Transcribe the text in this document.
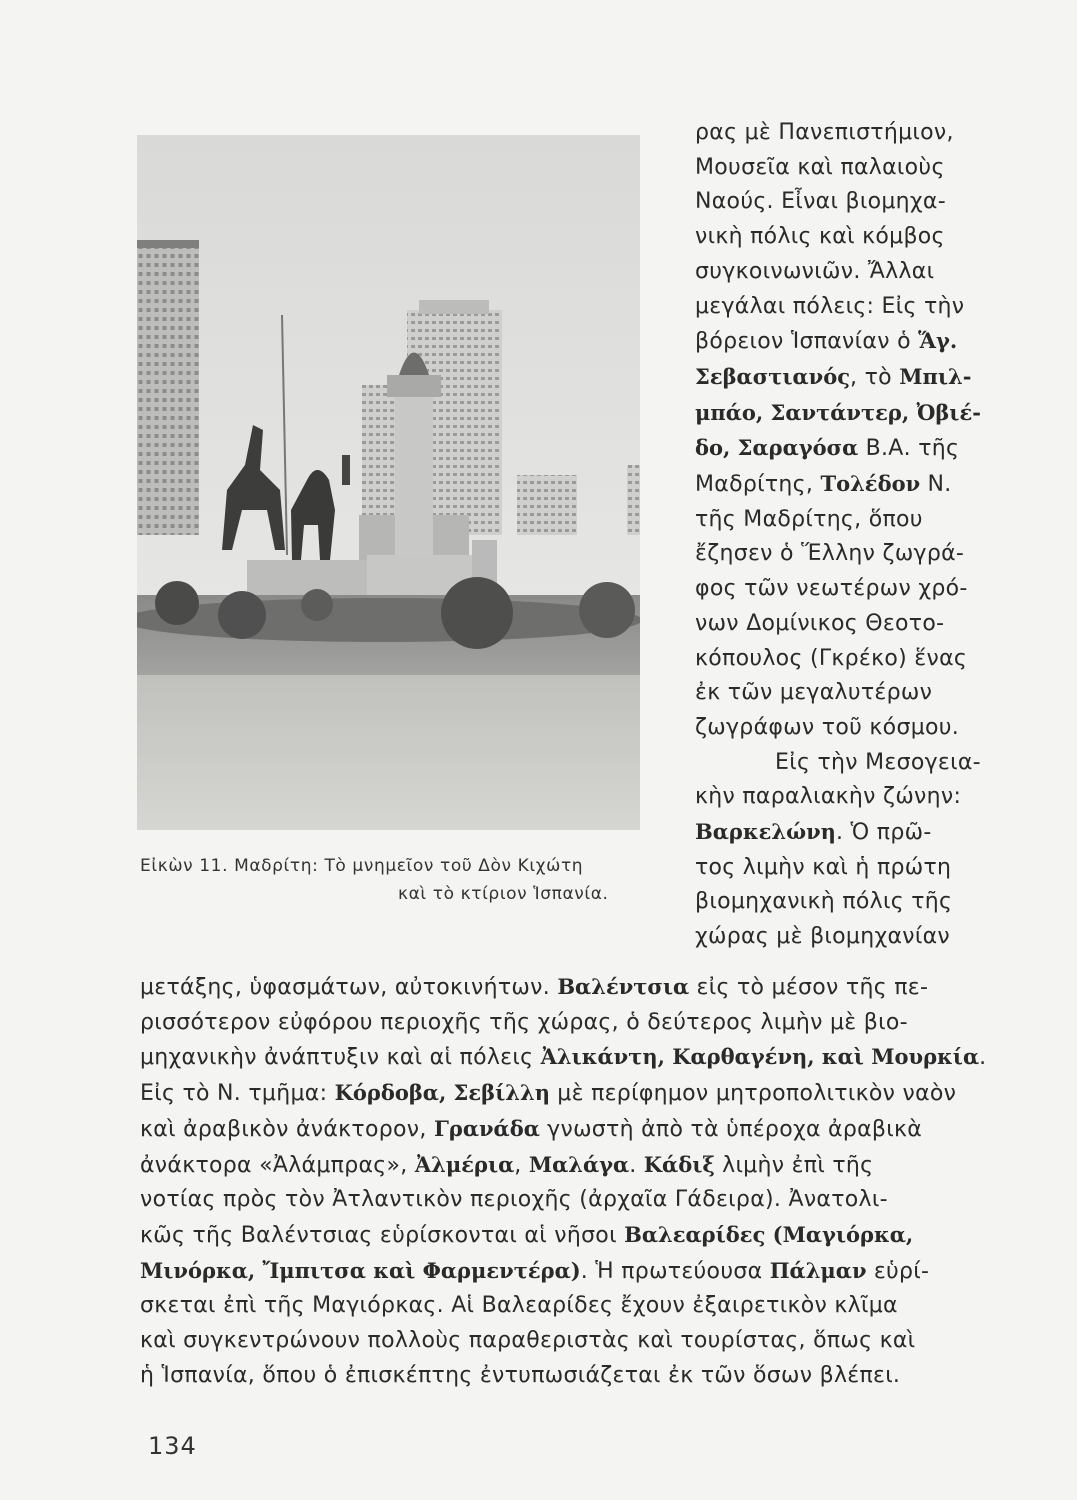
Εἰκὼν 11. Μαδρίτη: Τὸ μνημεῖον τοῦ Δὸν Κιχώτη
καὶ τὸ κτίριον Ἱσπανία.
ρας μὲ Πανεπιστήμιον,
Μουσεῖα καὶ παλαιοὺς
Ναούς. Εἶναι βιομηχα-
νικὴ πόλις καὶ κόμβος
συγκοινωνιῶν. Ἄλλαι
μεγάλαι πόλεις: Εἰς τὴν
βόρειον Ἱσπανίαν ὁ Ἅγ.
Σεβαστιανός, τὸ Μπιλ-
μπάο, Σαντάντερ, Ὀβιέ-
δο, Σαραγόσα Β.Α. τῆς
Μαδρίτης, Τολέδον Ν.
τῆς Μαδρίτης, ὅπου
ἔζησεν ὁ Ἕλλην ζωγρά-
φος τῶν νεωτέρων χρό-
νων Δομίνικος Θεοτο-
κόπουλος (Γκρέκο) ἕνας
ἐκ τῶν μεγαλυτέρων
ζωγράφων τοῦ κόσμου.
Εἰς τὴν Μεσογεια-
κὴν παραλιακὴν ζώνην:
Βαρκελώνη. Ὁ πρῶ-
τος λιμὴν καὶ ἡ πρώτη
βιομηχανικὴ πόλις τῆς
χώρας μὲ βιομηχανίαν
μετάξης, ὑφασμάτων, αὐτοκινήτων. Βαλέντσια εἰς τὸ μέσον τῆς πε-
ρισσότερον εὐφόρου περιοχῆς τῆς χώρας, ὁ δεύτερος λιμὴν μὲ βιο-
μηχανικὴν ἀνάπτυξιν καὶ αἱ πόλεις Ἀλικάντη, Καρθαγένη, καὶ Μουρκία.
Εἰς τὸ Ν. τμῆμα: Κόρδοβα, Σεβίλλη μὲ περίφημον μητροπολιτικὸν ναὸν
καὶ ἀραβικὸν ἀνάκτορον, Γρανάδα γνωστὴ ἀπὸ τὰ ὑπέροχα ἀραβικὰ
ἀνάκτορα «Ἀλάμπρας», Ἀλμέρια, Μαλάγα. Κάδιξ λιμὴν ἐπὶ τῆς
νοτίας πρὸς τὸν Ἀτλαντικὸν περιοχῆς (ἀρχαῖα Γάδειρα). Ἀνατολι-
κῶς τῆς Βαλέντσιας εὑρίσκονται αἱ νῆσοι Βαλεαρίδες (Μαγιόρκα,
Μινόρκα, Ἴμπιτσα καὶ Φαρμεντέρα). Ἡ πρωτεύουσα Πάλμαν εὑρί-
σκεται ἐπὶ τῆς Μαγιόρκας. Αἱ Βαλεαρίδες ἔχουν ἐξαιρετικὸν κλῖμα
καὶ συγκεντρώνουν πολλοὺς παραθεριστὰς καὶ τουρίστας, ὅπως καὶ
ἡ Ἱσπανία, ὅπου ὁ ἐπισκέπτης ἐντυπωσιάζεται ἐκ τῶν ὅσων βλέπει.
134
